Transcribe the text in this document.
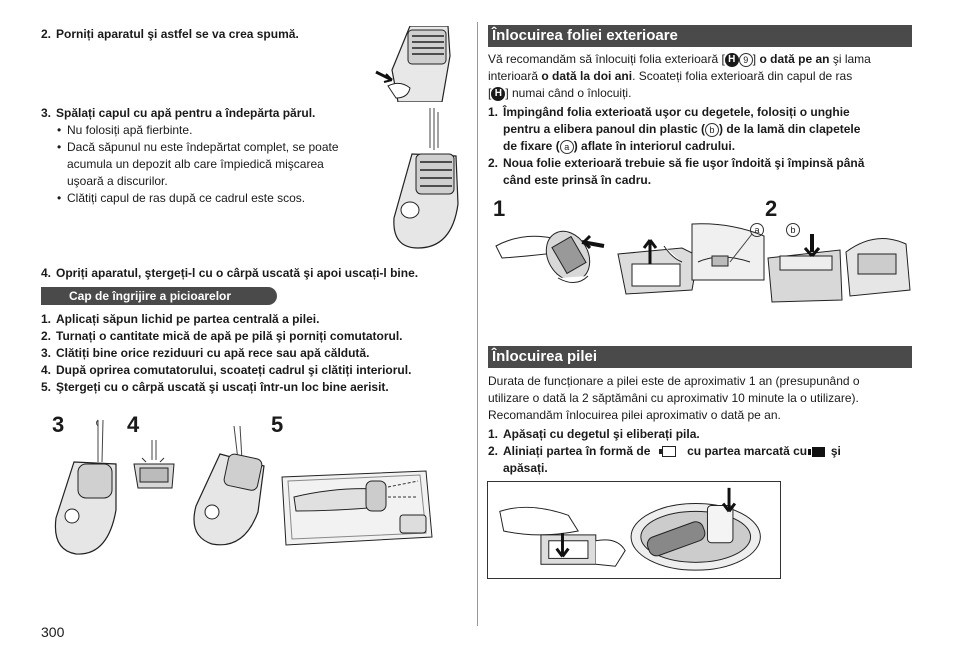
2. Porniți aparatul şi astfel se va crea spumă.
3. Spălați capul cu apă pentru a îndepărta părul.
• Nu folosiți apă fierbinte.
• Dacă săpunul nu este îndepărtat complet, se poate
acumula un depozit alb care împiedică mişcarea
uşoară a discurilor.
• Clătiți capul de ras după ce cadrul este scos.
4. Opriți aparatul, ştergeți-l cu o cârpă uscată şi apoi uscați-l bine.
Cap de îngrijire a picioarelor
1. Aplicați săpun lichid pe partea centrală a pilei.
2. Turnați o cantitate mică de apă pe pilă şi porniți comutatorul.
3. Clătiți bine orice reziduuri cu apă rece sau apă căldută.
4. După oprirea comutatorului, scoateți cadrul şi clătiți interiorul.
5. Ştergeți cu o cârpă uscată şi uscați într-un loc bine aerisit.
3	4	5
300
Înlocuirea foliei exterioare
Vă recomandăm să înlocuiți folia exterioară [ H 9 ] o dată pe an şi lama
interioară o dată la doi ani. Scoateți folia exterioară din capul de ras
[ H ] numai când o înlocuiți.
1. Împingând folia exterioată uşor cu degetele, folosiți o unghie
pentru a elibera panoul din plastic ( b ) de la lamă din clapetele
de fixare ( a ) aflate în interiorul cadrului.
2. Noua folie exterioară trebuie să fie uşor îndoită şi împinsă până
când este prinsă în cadru.
1	2
a	b
Înlocuirea pilei
Durata de funcționare a pilei este de aproximativ 1 an (presupunând o
utilizare o dată la 2 săptămâni cu aproximativ 10 minute la o utilizare).
Recomandăm înlocuirea pilei aproximativ o dată pe an.
1. Apăsați cu degetul şi eliberați pila.
2. Aliniați partea în formă de	cu partea marcată cu şi
apăsați.
